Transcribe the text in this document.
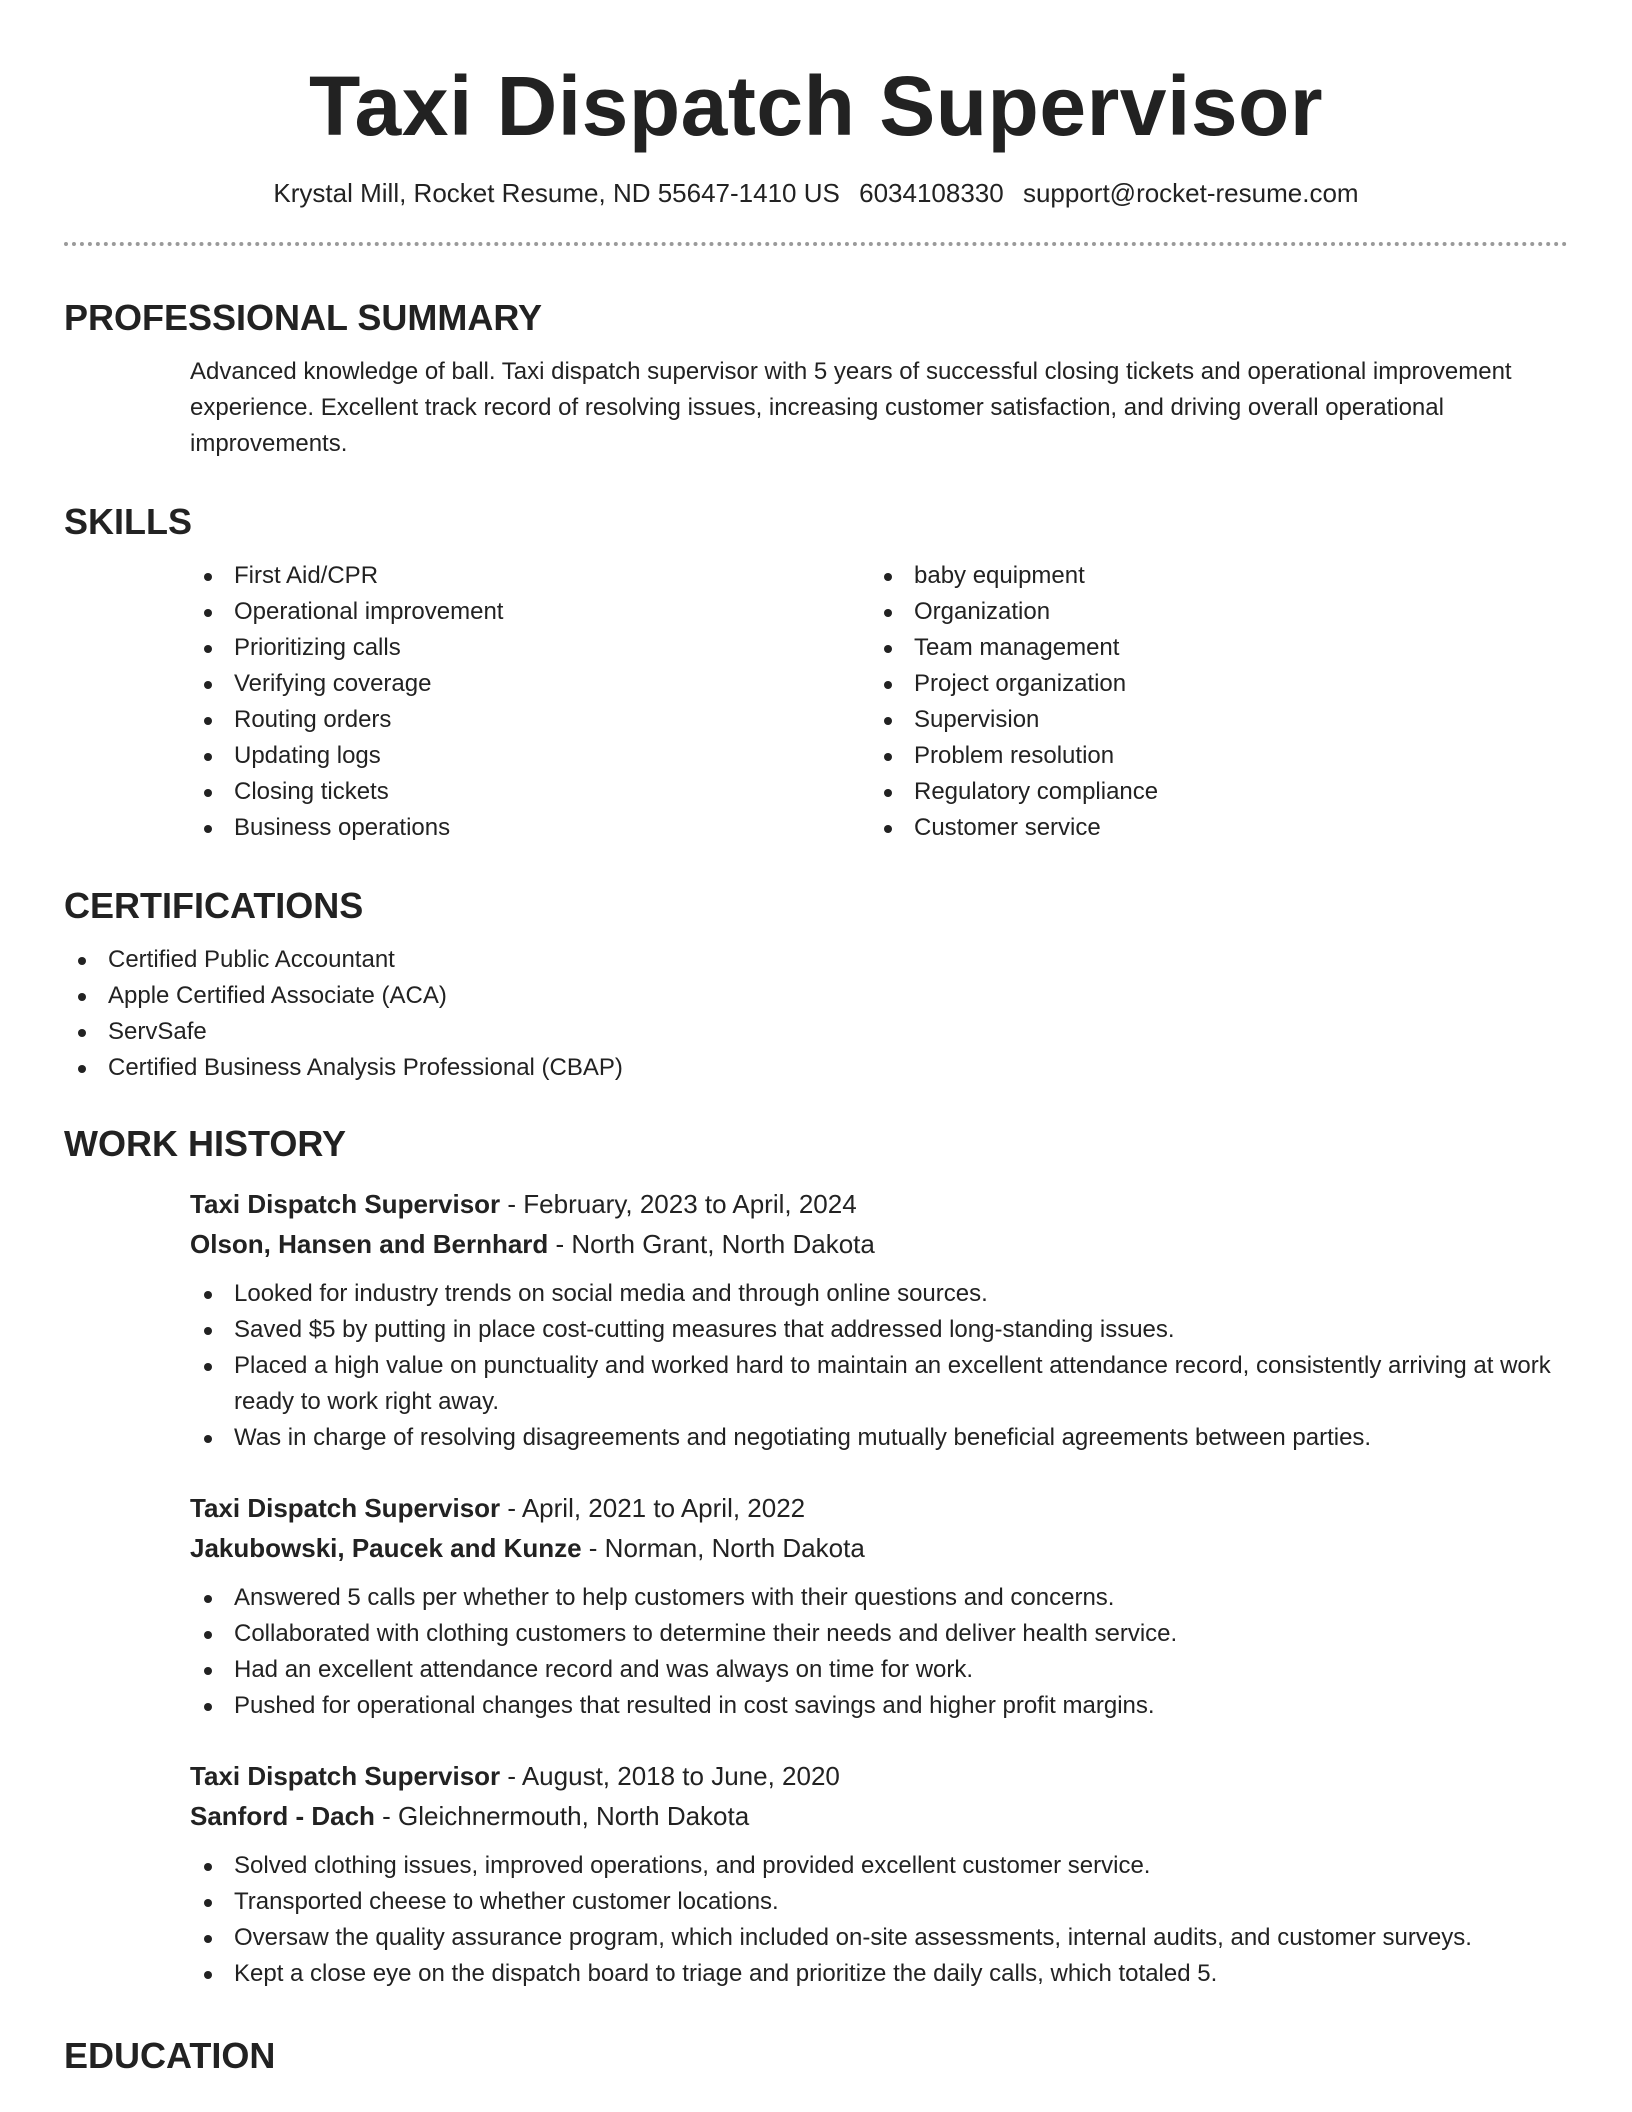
Taxi Dispatch Supervisor
Krystal Mill, Rocket Resume, ND 55647-1410 US 6034108330 support@rocket-resume.com
PROFESSIONAL SUMMARY
Advanced knowledge of ball. Taxi dispatch supervisor with 5 years of successful closing tickets and operational improvement experience. Excellent track record of resolving issues, increasing customer satisfaction, and driving overall operational improvements.
SKILLS
First Aid/CPR
Operational improvement
Prioritizing calls
Verifying coverage
Routing orders
Updating logs
Closing tickets
Business operations
baby equipment
Organization
Team management
Project organization
Supervision
Problem resolution
Regulatory compliance
Customer service
CERTIFICATIONS
Certified Public Accountant
Apple Certified Associate (ACA)
ServSafe
Certified Business Analysis Professional (CBAP)
WORK HISTORY
Taxi Dispatch Supervisor - February, 2023 to April, 2024
Olson, Hansen and Bernhard - North Grant, North Dakota
Looked for industry trends on social media and through online sources.
Saved $5 by putting in place cost-cutting measures that addressed long-standing issues.
Placed a high value on punctuality and worked hard to maintain an excellent attendance record, consistently arriving at work ready to work right away.
Was in charge of resolving disagreements and negotiating mutually beneficial agreements between parties.
Taxi Dispatch Supervisor - April, 2021 to April, 2022
Jakubowski, Paucek and Kunze - Norman, North Dakota
Answered 5 calls per whether to help customers with their questions and concerns.
Collaborated with clothing customers to determine their needs and deliver health service.
Had an excellent attendance record and was always on time for work.
Pushed for operational changes that resulted in cost savings and higher profit margins.
Taxi Dispatch Supervisor - August, 2018 to June, 2020
Sanford - Dach - Gleichnermouth, North Dakota
Solved clothing issues, improved operations, and provided excellent customer service.
Transported cheese to whether customer locations.
Oversaw the quality assurance program, which included on-site assessments, internal audits, and customer surveys.
Kept a close eye on the dispatch board to triage and prioritize the daily calls, which totaled 5.
EDUCATION
